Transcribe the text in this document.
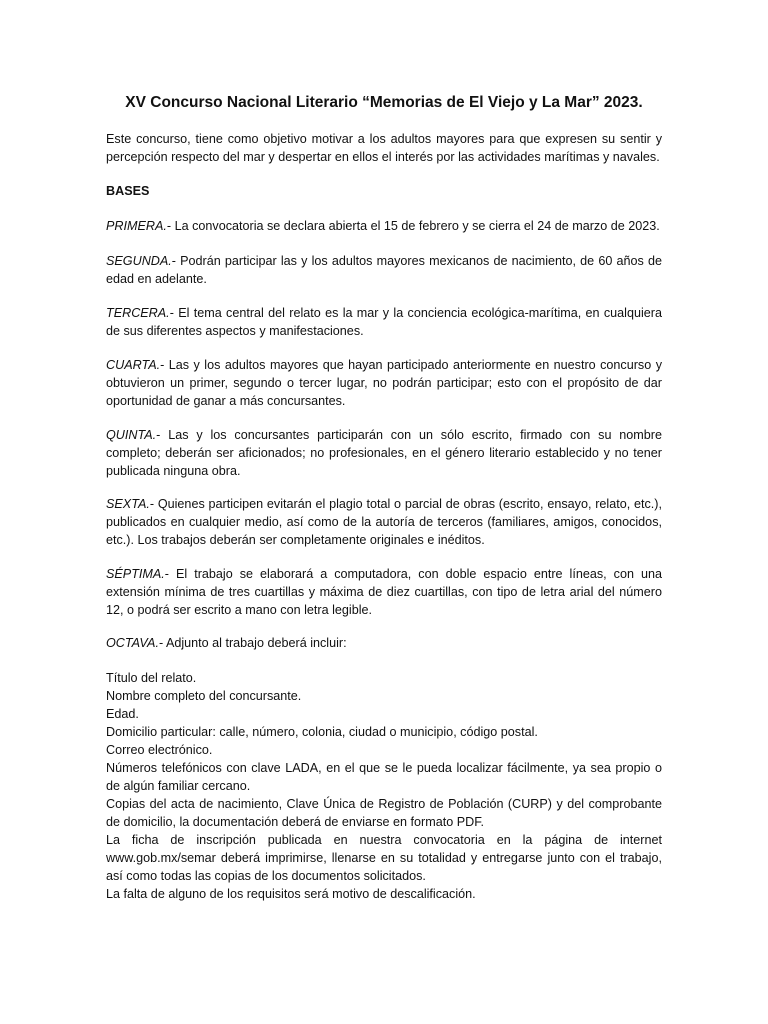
XV Concurso Nacional Literario “Memorias de El Viejo y La Mar” 2023.
Este concurso, tiene como objetivo motivar a los adultos mayores para que expresen su sentir y percepción respecto del mar y despertar en ellos el interés por las actividades marítimas y navales.
BASES
PRIMERA.- La convocatoria se declara abierta el 15 de febrero y se cierra el 24 de marzo de 2023.
SEGUNDA.- Podrán participar las y los adultos mayores mexicanos de nacimiento, de 60 años de edad en adelante.
TERCERA.- El tema central del relato es la mar y la conciencia ecológica-marítima, en cualquiera de sus diferentes aspectos y manifestaciones.
CUARTA.- Las y los adultos mayores que hayan participado anteriormente en nuestro concurso y obtuvieron un primer, segundo o tercer lugar, no podrán participar; esto con el propósito de dar oportunidad de ganar a más concursantes.
QUINTA.- Las y los concursantes participarán con un sólo escrito, firmado con su nombre completo; deberán ser aficionados; no profesionales, en el género literario establecido y no tener publicada ninguna obra.
SEXTA.- Quienes participen evitarán el plagio total o parcial de obras (escrito, ensayo, relato, etc.), publicados en cualquier medio, así como de la autoría de terceros (familiares, amigos, conocidos, etc.). Los trabajos deberán ser completamente originales e inéditos.
SÉPTIMA.- El trabajo se elaborará a computadora, con doble espacio entre líneas, con una extensión mínima de tres cuartillas y máxima de diez cuartillas, con tipo de letra arial del número 12, o podrá ser escrito a mano con letra legible.
OCTAVA.- Adjunto al trabajo deberá incluir:
Título del relato.
Nombre completo del concursante.
Edad.
Domicilio particular: calle, número, colonia, ciudad o municipio, código postal.
Correo electrónico.
Números telefónicos con clave LADA, en el que se le pueda localizar fácilmente, ya sea propio o de algún familiar cercano.
Copias del acta de nacimiento, Clave Única de Registro de Población (CURP) y del comprobante de domicilio, la documentación deberá de enviarse en formato PDF.
La ficha de inscripción publicada en nuestra convocatoria en la página de internet www.gob.mx/semar deberá imprimirse, llenarse en su totalidad y entregarse junto con el trabajo, así como todas las copias de los documentos solicitados.
La falta de alguno de los requisitos será motivo de descalificación.
